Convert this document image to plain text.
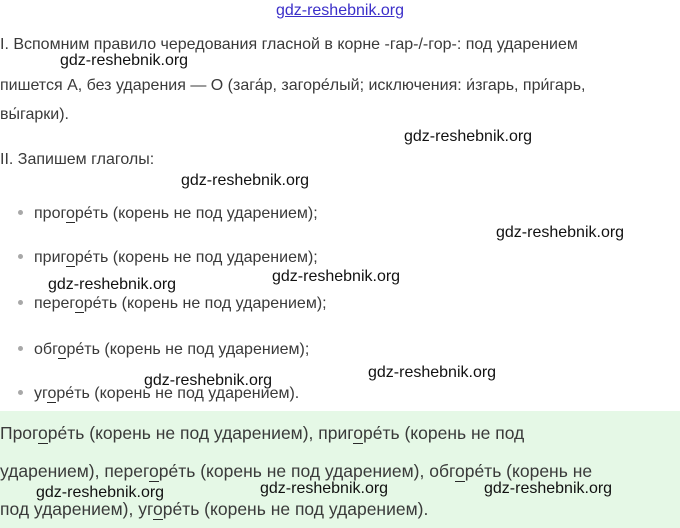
gdz-reshebnik.org
I. Вспомним правило чередования гласной в корне -гар-/-гор-: под ударением
пишется А, без ударения — О (зага́р, загоре́лый; исключения: и́згарь, при́гарь,
вы́гарки).
II. Запишем глаголы:
прогоре́ть (корень не под ударением);
пригоре́ть (корень не под ударением);
перегоре́ть (корень не под ударением);
обгоре́ть (корень не под ударением);
угоре́ть (корень не под ударением).
Прогоре́ть (корень не под ударением), пригоре́ть (корень не под
ударением), перегоре́ть (корень не под ударением), обгоре́ть (корень не
под ударением), угоре́ть (корень не под ударением).
gdz-reshebnik.org
gdz-reshebnik.org
gdz-reshebnik.org
gdz-reshebnik.org
gdz-reshebnik.org
gdz-reshebnik.org
gdz-reshebnik.org
gdz-reshebnik.org
gdz-reshebnik.org	gdz-reshebnik.org	gdz-reshebnik.org
